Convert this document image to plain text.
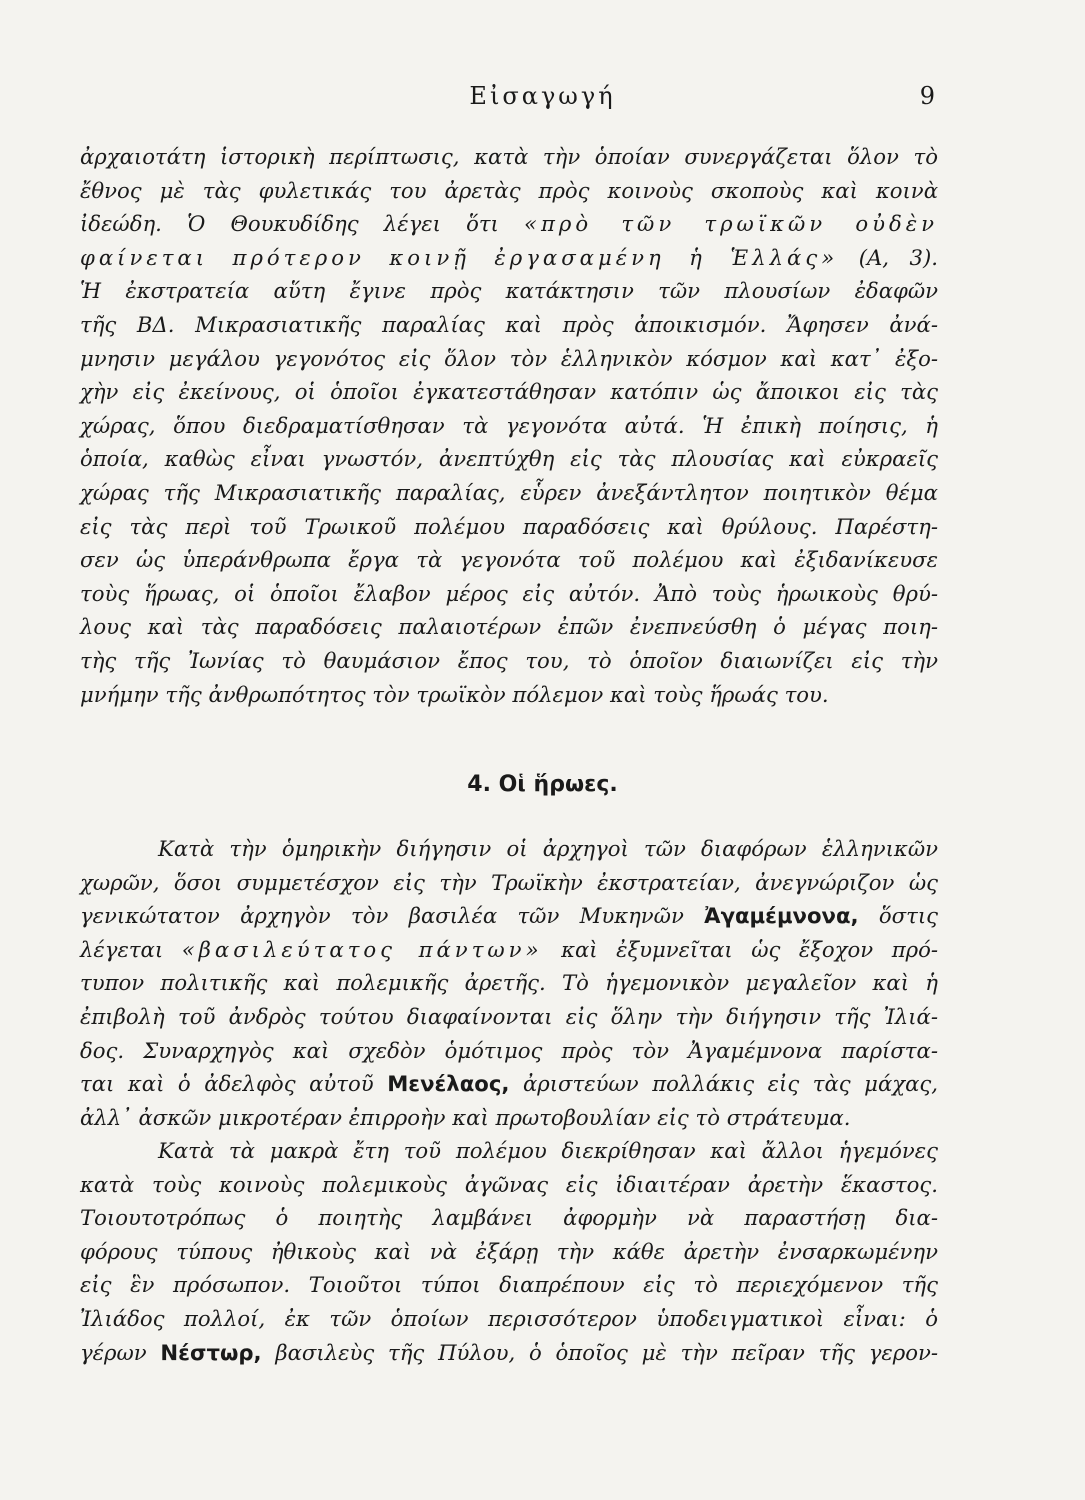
Εἰσαγωγή	9
ἀρχαιοτάτη ἱστορικὴ περίπτωσις, κατὰ τὴν ὁποίαν συνεργάζεται ὅλον τὸ
ἔθνος μὲ τὰς φυλετικάς του ἀρετὰς πρὸς κοινοὺς σκοποὺς καὶ κοινὰ
ἰδεώδη. Ὁ Θουκυδίδης λέγει ὅτι «πρὸ τῶν τρωϊκῶν οὐδὲν
φαίνεται πρότερον κοινῇ ἐργασαμένη ἡ Ἑλλάς» (Α, 3).
Ἡ ἐκστρατεία αὕτη ἔγινε πρὸς κατάκτησιν τῶν πλουσίων ἐδαφῶν
τῆς ΒΔ. Μικρασιατικῆς παραλίας καὶ πρὸς ἀποικισμόν. Ἄφησεν ἀνά-
μνησιν μεγάλου γεγονότος εἰς ὅλον τὸν ἑλληνικὸν κόσμον καὶ κατ᾽ ἐξο-
χὴν εἰς ἐκείνους, οἱ ὁποῖοι ἐγκατεστάθησαν κατόπιν ὡς ἄποικοι εἰς τὰς
χώρας, ὅπου διεδραματίσθησαν τὰ γεγονότα αὐτά. Ἡ ἐπικὴ ποίησις, ἡ
ὁποία, καθὼς εἶναι γνωστόν, ἀνεπτύχθη εἰς τὰς πλουσίας καὶ εὐκραεῖς
χώρας τῆς Μικρασιατικῆς παραλίας, εὗρεν ἀνεξάντλητον ποιητικὸν θέμα
εἰς τὰς περὶ τοῦ Τρωικοῦ πολέμου παραδόσεις καὶ θρύλους. Παρέστη-
σεν ὡς ὑπεράνθρωπα ἔργα τὰ γεγονότα τοῦ πολέμου καὶ ἐξιδανίκευσε
τοὺς ἥρωας, οἱ ὁποῖοι ἔλαβον μέρος εἰς αὐτόν. Ἀπὸ τοὺς ἡρωικοὺς θρύ-
λους καὶ τὰς παραδόσεις παλαιοτέρων ἐπῶν ἐνεπνεύσθη ὁ μέγας ποιη-
τὴς τῆς Ἰωνίας τὸ θαυμάσιον ἔπος του, τὸ ὁποῖον διαιωνίζει εἰς τὴν
μνήμην τῆς ἀνθρωπότητος τὸν τρωϊκὸν πόλεμον καὶ τοὺς ἥρωάς του.
4. Οἱ ἥρωες.
Κατὰ τὴν ὁμηρικὴν διήγησιν οἱ ἀρχηγοὶ τῶν διαφόρων ἑλληνικῶν
χωρῶν, ὅσοι συμμετέσχον εἰς τὴν Τρωϊκὴν ἐκστρατείαν, ἀνεγνώριζον ὡς
γενικώτατον ἀρχηγὸν τὸν βασιλέα τῶν Μυκηνῶν Ἀγαμέμνονα, ὅστις
λέγεται «βασιλεύτατος πάντων» καὶ ἐξυμνεῖται ὡς ἔξοχον πρό-
τυπον πολιτικῆς καὶ πολεμικῆς ἀρετῆς. Τὸ ἡγεμονικὸν μεγαλεῖον καὶ ἡ
ἐπιβολὴ τοῦ ἀνδρὸς τούτου διαφαίνονται εἰς ὅλην τὴν διήγησιν τῆς Ἰλιά-
δος. Συναρχηγὸς καὶ σχεδὸν ὁμότιμος πρὸς τὸν Ἀγαμέμνονα παρίστα-
ται καὶ ὁ ἀδελφὸς αὐτοῦ Μενέλαος, ἀριστεύων πολλάκις εἰς τὰς μάχας,
ἀλλ᾽ ἀσκῶν μικροτέραν ἐπιρροὴν καὶ πρωτοβουλίαν εἰς τὸ στράτευμα.
Κατὰ τὰ μακρὰ ἔτη τοῦ πολέμου διεκρίθησαν καὶ ἄλλοι ἡγεμόνες
κατὰ τοὺς κοινοὺς πολεμικοὺς ἀγῶνας εἰς ἰδιαιτέραν ἀρετὴν ἕκαστος.
Τοιουτοτρόπως ὁ ποιητὴς λαμβάνει ἀφορμὴν νὰ παραστήσῃ δια-
φόρους τύπους ἠθικοὺς καὶ νὰ ἐξάρῃ τὴν κάθε ἀρετὴν ἐνσαρκωμένην
εἰς ἓν πρόσωπον. Τοιοῦτοι τύποι διαπρέπουν εἰς τὸ περιεχόμενον τῆς
Ἰλιάδος πολλοί, ἐκ τῶν ὁποίων περισσότερον ὑποδειγματικοὶ εἶναι: ὁ
γέρων Νέστωρ, βασιλεὺς τῆς Πύλου, ὁ ὁποῖος μὲ τὴν πεῖραν τῆς γερον-
